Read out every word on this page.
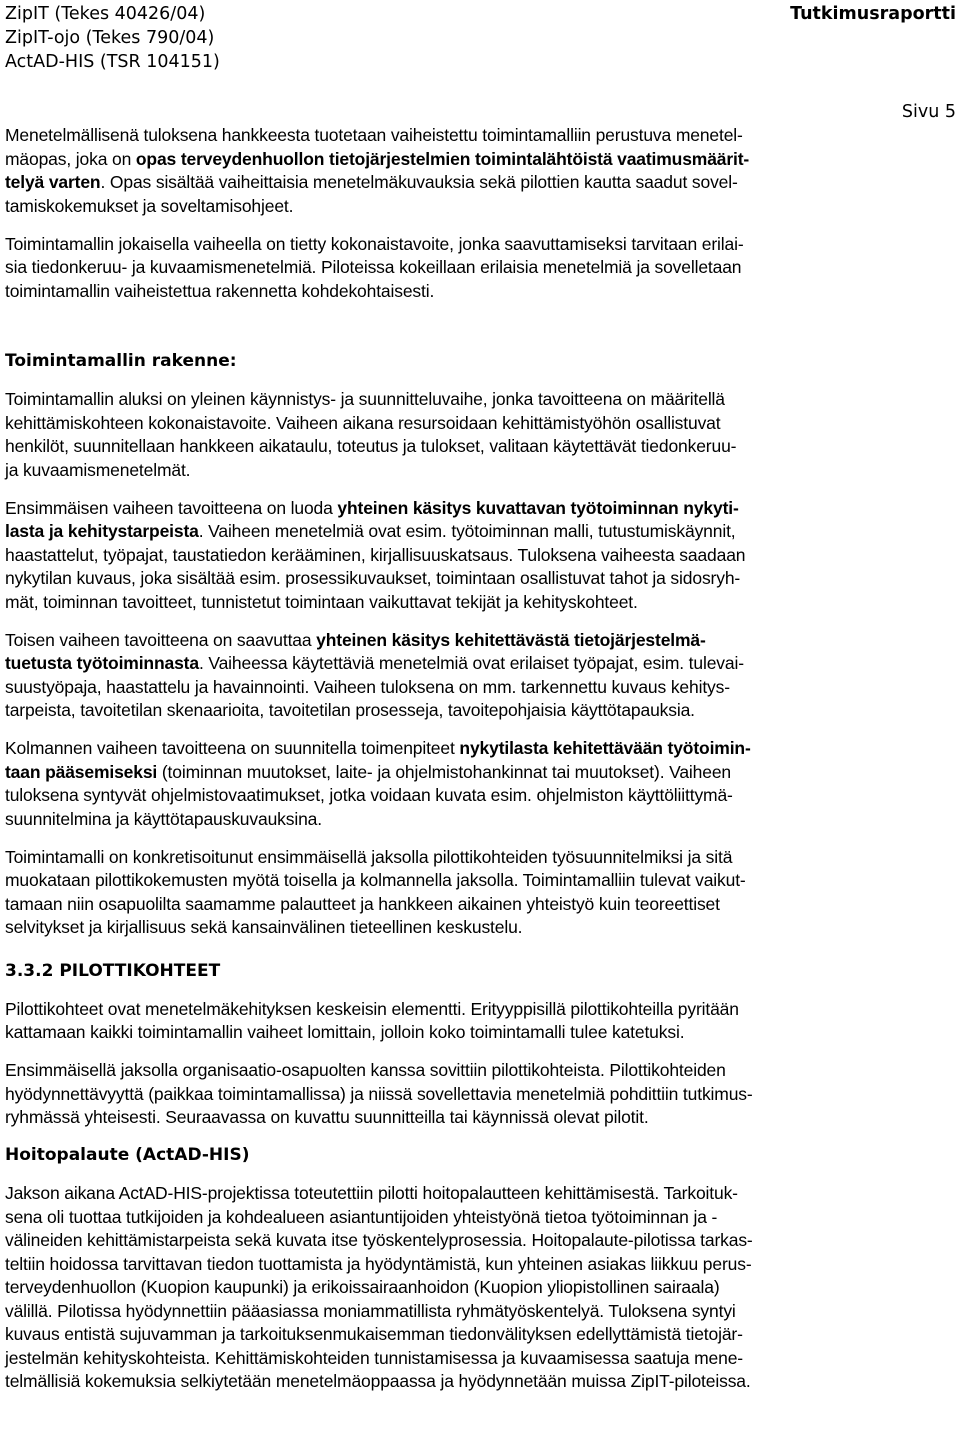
ZipIT (Tekes 40426/04)
ZipIT-ojo (Tekes 790/04)
ActAD-HIS (TSR 104151)
Tutkimusraportti
Sivu 5

Menetelmällisenä tuloksena hankkeesta tuotetaan vaiheistettu toimintamalliin perustuva menetel-
mäopas, joka on opas terveydenhuollon tietojärjestelmien toimintalähtöistä vaatimusmäärit-
telyä varten. Opas sisältää vaiheittaisia menetelmäkuvauksia sekä pilottien kautta saadut sovel-
tamiskokemukset ja soveltamisohjeet.

Toimintamallin jokaisella vaiheella on tietty kokonaistavoite, jonka saavuttamiseksi tarvitaan erilai-
sia tiedonkeruu- ja kuvaamismenetelmiä. Piloteissa kokeillaan erilaisia menetelmiä ja sovelletaan
toimintamallin vaiheistettua rakennetta kohdekohtaisesti.

Toimintamallin rakenne:

Toimintamallin aluksi on yleinen käynnistys- ja suunnitteluvaihe, jonka tavoitteena on määritellä
kehittämiskohteen kokonaistavoite. Vaiheen aikana resursoidaan kehittämistyöhön osallistuvat
henkilöt, suunnitellaan hankkeen aikataulu, toteutus ja tulokset, valitaan käytettävät tiedonkeruu-
ja kuvaamismenetelmät.

Ensimmäisen vaiheen tavoitteena on luoda yhteinen käsitys kuvattavan työtoiminnan nykyti-
lasta ja kehitystarpeista. Vaiheen menetelmiä ovat esim. työtoiminnan malli, tutustumiskäynnit,
haastattelut, työpajat, taustatiedon kerääminen, kirjallisuuskatsaus. Tuloksena vaiheesta saadaan
nykytilan kuvaus, joka sisältää esim. prosessikuvaukset, toimintaan osallistuvat tahot ja sidosryh-
mät, toiminnan tavoitteet, tunnistetut toimintaan vaikuttavat tekijät ja kehityskohteet.

Toisen vaiheen tavoitteena on saavuttaa yhteinen käsitys kehitettävästä tietojärjestelmä-
tuetusta työtoiminnasta. Vaiheessa käytettäviä menetelmiä ovat erilaiset työpajat, esim. tulevai-
suustyöpaja, haastattelu ja havainnointi. Vaiheen tuloksena on mm. tarkennettu kuvaus kehitys-
tarpeista, tavoitetilan skenaarioita, tavoitetilan prosesseja, tavoitepohjaisia käyttötapauksia.

Kolmannen vaiheen tavoitteena on suunnitella toimenpiteet nykytilasta kehitettävään työtoimin-
taan pääsemiseksi (toiminnan muutokset, laite- ja ohjelmistohankinnat tai muutokset). Vaiheen
tuloksena syntyvät ohjelmistovaatimukset, jotka voidaan kuvata esim. ohjelmiston käyttöliittymä-
suunnitelmina ja käyttötapauskuvauksina.

Toimintamalli on konkretisoitunut ensimmäisellä jaksolla pilottikohteiden työsuunnitelmiksi ja sitä
muokataan pilottikokemusten myötä toisella ja kolmannella jaksolla. Toimintamalliin tulevat vaikut-
tamaan niin osapuolilta saamamme palautteet ja hankkeen aikainen yhteistyö kuin teoreettiset
selvitykset ja kirjallisuus sekä kansainvälinen tieteellinen keskustelu.

3.3.2 PILOTTIKOHTEET

Pilottikohteet ovat menetelmäkehityksen keskeisin elementti. Erityyppisillä pilottikohteilla pyritään
kattamaan kaikki toimintamallin vaiheet lomittain, jolloin koko toimintamalli tulee katetuksi.

Ensimmäisellä jaksolla organisaatio-osapuolten kanssa sovittiin pilottikohteista. Pilottikohteiden
hyödynnettävyyttä (paikkaa toimintamallissa) ja niissä sovellettavia menetelmiä pohdittiin tutkimus-
ryhmässä yhteisesti. Seuraavassa on kuvattu suunnitteilla tai käynnissä olevat pilotit.

Hoitopalaute (ActAD-HIS)

Jakson aikana ActAD-HIS-projektissa toteutettiin pilotti hoitopalautteen kehittämisestä. Tarkoituk-
sena oli tuottaa tutkijoiden ja kohdealueen asiantuntijoiden yhteistyönä tietoa työtoiminnan ja -
välineiden kehittämistarpeista sekä kuvata itse työskentelyprosessia. Hoitopalaute-pilotissa tarkas-
teltiin hoidossa tarvittavan tiedon tuottamista ja hyödyntämistä, kun yhteinen asiakas liikkuu perus-
terveydenhuollon (Kuopion kaupunki) ja erikoissairaanhoidon (Kuopion yliopistollinen sairaala)
välillä. Pilotissa hyödynnettiin pääasiassa moniammatillista ryhmätyöskentelyä. Tuloksena syntyi
kuvaus entistä sujuvamman ja tarkoituksenmukaisemman tiedonvälityksen edellyttämistä tietojär-
jestelmän kehityskohteista. Kehittämiskohteiden tunnistamisessa ja kuvaamisessa saatuja mene-
telmällisiä kokemuksia selkiytetään menetelmäoppaassa ja hyödynnetään muissa ZipIT-piloteissa.
